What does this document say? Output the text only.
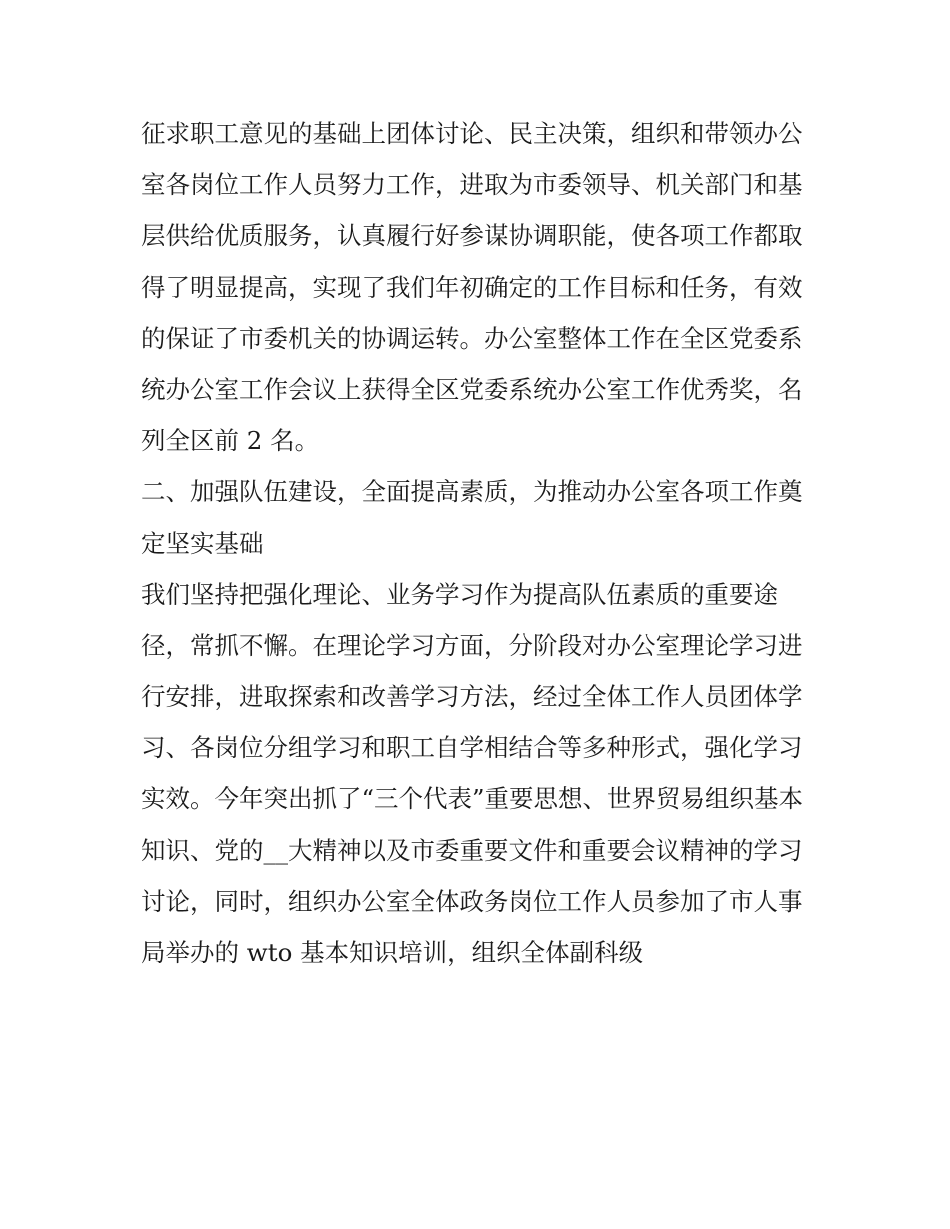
征求职工意见的基础上团体讨论、民主决策，组织和带领办公
室各岗位工作人员努力工作，进取为市委领导、机关部门和基
层供给优质服务，认真履行好参谋协调职能，使各项工作都取
得了明显提高，实现了我们年初确定的工作目标和任务，有效
的保证了市委机关的协调运转。办公室整体工作在全区党委系
统办公室工作会议上获得全区党委系统办公室工作优秀奖，名
列全区前 2 名。
二、加强队伍建设，全面提高素质，为推动办公室各项工作奠
定坚实基础
我们坚持把强化理论、业务学习作为提高队伍素质的重要途
径，常抓不懈。在理论学习方面，分阶段对办公室理论学习进
行安排，进取探索和改善学习方法，经过全体工作人员团体学
习、各岗位分组学习和职工自学相结合等多种形式，强化学习
实效。今年突出抓了“三个代表”重要思想、世界贸易组织基本
知识、党的__大精神以及市委重要文件和重要会议精神的学习
讨论，同时，组织办公室全体政务岗位工作人员参加了市人事
局举办的 wto 基本知识培训，组织全体副科级
